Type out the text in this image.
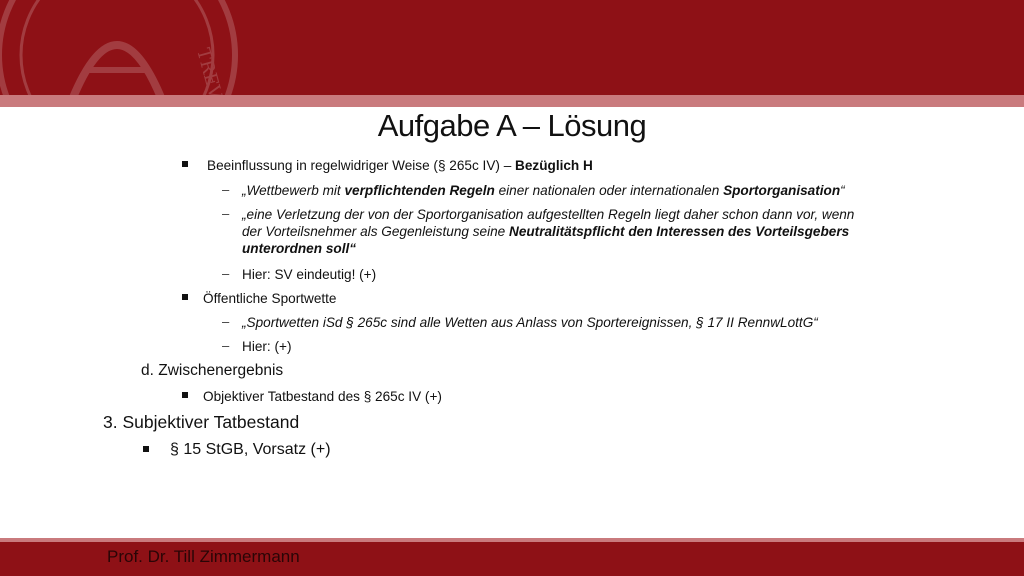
Aufgabe A – Lösung
Beeinflussung in regelwidriger Weise (§ 265c IV) – Bezüglich H
– „Wettbewerb mit verpflichtenden Regeln einer nationalen oder internationalen Sportorganisation“
– „eine Verletzung der von der Sportorganisation aufgestellten Regeln liegt daher schon dann vor, wenn
der Vorteilsnehmer als Gegenleistung seine Neutralitätspflicht den Interessen des Vorteilsgebers
unterordnen soll“
– Hier: SV eindeutig! (+)
Öffentliche Sportwette
– „Sportwetten iSd § 265c sind alle Wetten aus Anlass von Sportereignissen, § 17 II RennwLottG“
– Hier: (+)
d. Zwischenergebnis
Objektiver Tatbestand des § 265c IV (+)
3. Subjektiver Tatbestand
§ 15 StGB, Vorsatz (+)
Prof. Dr. Till Zimmermann
